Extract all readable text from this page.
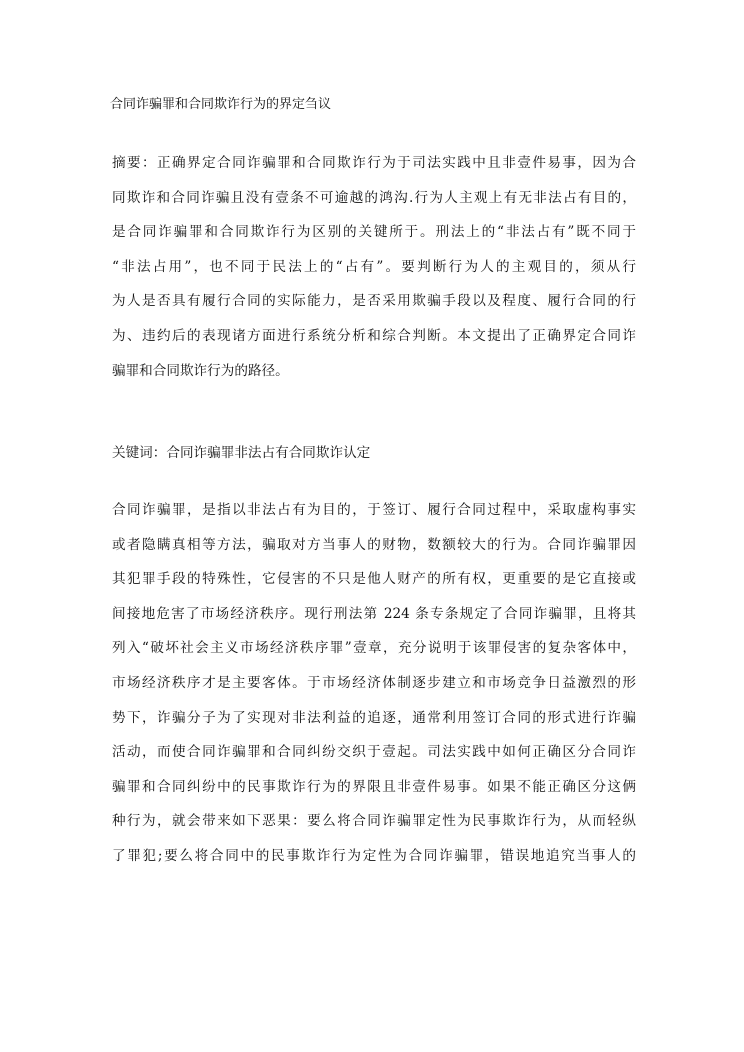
合同诈骗罪和合同欺诈行为的界定刍议
摘要：正确界定合同诈骗罪和合同欺诈行为于司法实践中且非壹件易事，因为合
同欺诈和合同诈骗且没有壹条不可逾越的鸿沟.行为人主观上有无非法占有目的，
是合同诈骗罪和合同欺诈行为区别的关键所于。刑法上的“非法占有”既不同于
“非法占用”，也不同于民法上的“占有”。要判断行为人的主观目的，须从行
为人是否具有履行合同的实际能力，是否采用欺骗手段以及程度、履行合同的行
为、违约后的表现诸方面进行系统分析和综合判断。本文提出了正确界定合同诈
骗罪和合同欺诈行为的路径。
关键词：合同诈骗罪非法占有合同欺诈认定
合同诈骗罪，是指以非法占有为目的，于签订、履行合同过程中，采取虚构事实
或者隐瞒真相等方法，骗取对方当事人的财物，数额较大的行为。合同诈骗罪因
其犯罪手段的特殊性，它侵害的不只是他人财产的所有权，更重要的是它直接或
间接地危害了市场经济秩序。现行刑法第 224 条专条规定了合同诈骗罪，且将其
列入“破坏社会主义市场经济秩序罪”壹章，充分说明于该罪侵害的复杂客体中，
市场经济秩序才是主要客体。于市场经济体制逐步建立和市场竞争日益激烈的形
势下，诈骗分子为了实现对非法利益的追逐，通常利用签订合同的形式进行诈骗
活动，而使合同诈骗罪和合同纠纷交织于壹起。司法实践中如何正确区分合同诈
骗罪和合同纠纷中的民事欺诈行为的界限且非壹件易事。如果不能正确区分这俩
种行为，就会带来如下恶果：要么将合同诈骗罪定性为民事欺诈行为，从而轻纵
了罪犯;要么将合同中的民事欺诈行为定性为合同诈骗罪，错误地追究当事人的
